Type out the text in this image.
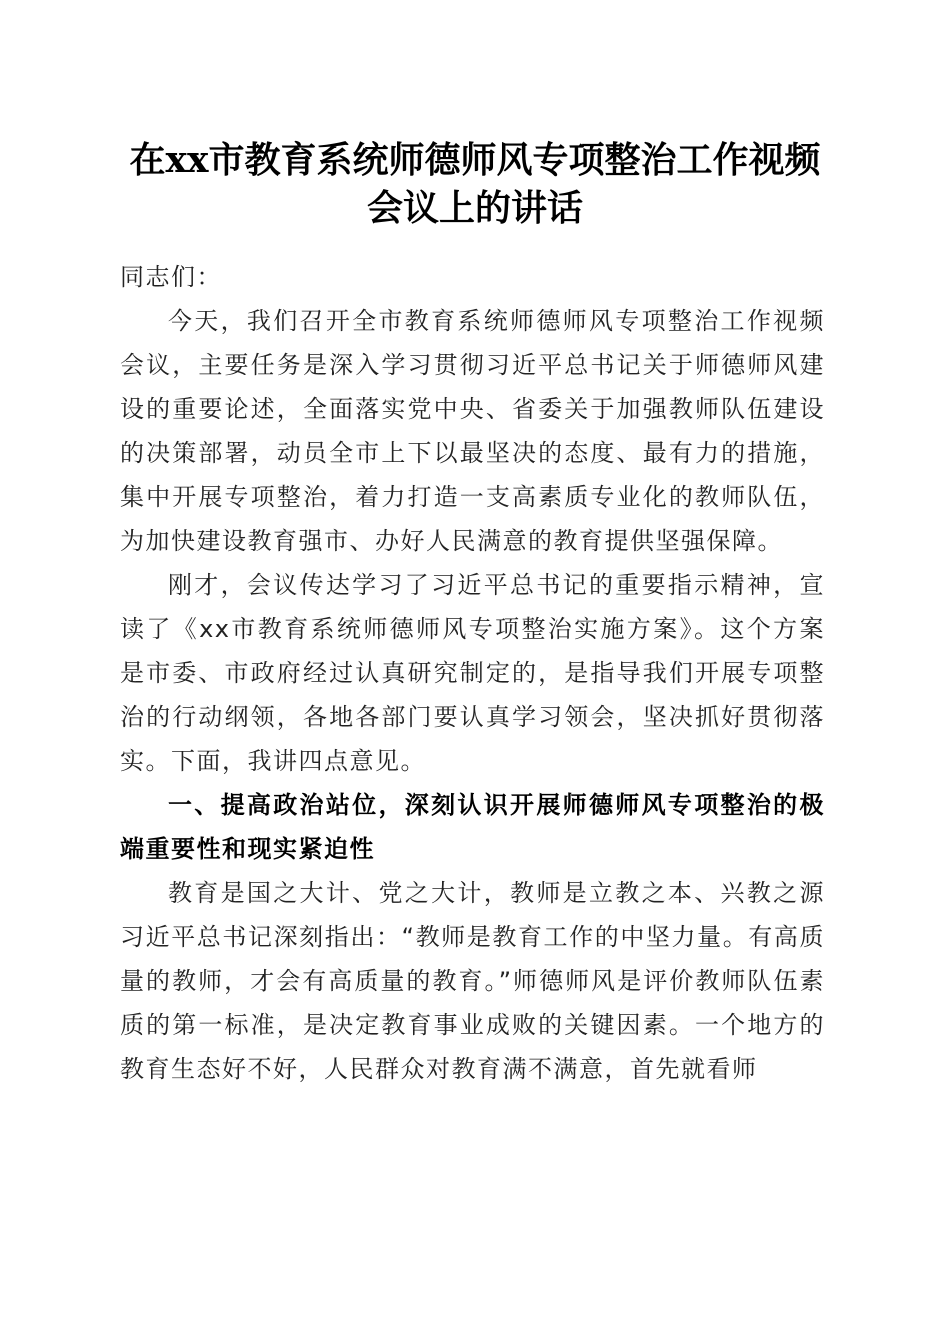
在xx市教育系统师德师风专项整治工作视频
会议上的讲话

同志们：

今天，我们召开全市教育系统师德师风专项整治工作视频会议，主要任务是深入学习贯彻习近平总书记关于师德师风建设的重要论述，全面落实党中央、省委关于加强教师队伍建设的决策部署，动员全市上下以最坚决的态度、最有力的措施，集中开展专项整治，着力打造一支高素质专业化的教师队伍，为加快建设教育强市、办好人民满意的教育提供坚强保障。

刚才，会议传达学习了习近平总书记的重要指示精神，宣读了《xx市教育系统师德师风专项整治实施方案》。这个方案是市委、市政府经过认真研究制定的，是指导我们开展专项整治的行动纲领，各地各部门要认真学习领会，坚决抓好贯彻落实。下面，我讲四点意见。

一、提高政治站位，深刻认识开展师德师风专项整治的极端重要性和现实紧迫性

教育是国之大计、党之大计，教师是立教之本、兴教之源习近平总书记深刻指出：“教师是教育工作的中坚力量。有高质量的教师，才会有高质量的教育。”师德师风是评价教师队伍素质的第一标准，是决定教育事业成败的关键因素。一个地方的教育生态好不好，人民群众对教育满不满意，首先就看师
